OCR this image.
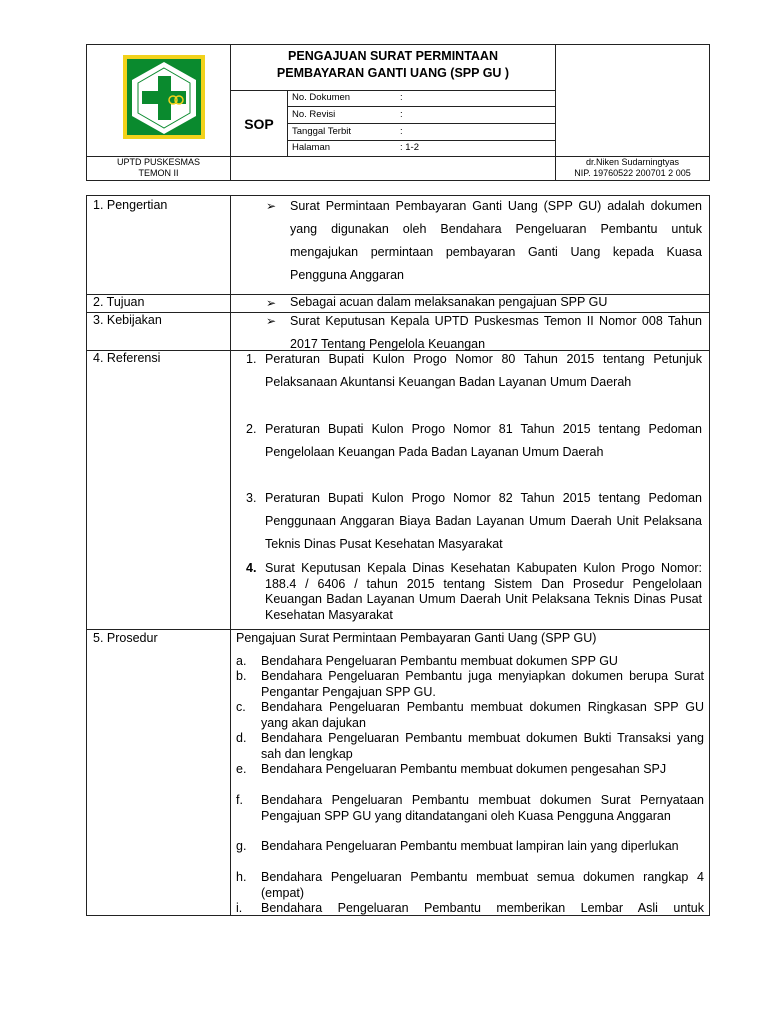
PENGAJUAN SURAT PERMINTAAN
PEMBAYARAN GANTI UANG (SPP GU )
SOP
No. Dokumen	:
No. Revisi	:
Tanggal Terbit	:
Halaman	: 1-2
UPTD PUSKESMAS
TEMON II
dr.Niken Sudarningtyas
NIP. 19760522 200701 2 005
1. Pengertian	➢ Surat Permintaan Pembayaran Ganti Uang (SPP GU) adalah dokumen yang digunakan oleh Bendahara Pengeluaran Pembantu untuk mengajukan permintaan pembayaran Ganti Uang kepada Kuasa Pengguna Anggaran
2. Tujuan	➢ Sebagai acuan dalam melaksanakan pengajuan SPP GU
3. Kebijakan	➢ Surat Keputusan Kepala UPTD Puskesmas Temon II Nomor 008 Tahun 2017 Tentang Pengelola Keuangan
4. Referensi	1. Peraturan Bupati Kulon Progo Nomor 80 Tahun 2015 tentang Petunjuk Pelaksanaan Akuntansi Keuangan Badan Layanan Umum Daerah
2. Peraturan Bupati Kulon Progo Nomor 81 Tahun 2015 tentang Pedoman Pengelolaan Keuangan Pada Badan Layanan Umum Daerah
3. Peraturan Bupati Kulon Progo Nomor 82 Tahun 2015 tentang Pedoman Penggunaan Anggaran Biaya Badan Layanan Umum Daerah Unit Pelaksana Teknis Dinas Pusat Kesehatan Masyarakat
4. Surat Keputusan Kepala Dinas Kesehatan Kabupaten Kulon Progo Nomor: 188.4 / 6406 / tahun 2015 tentang Sistem Dan Prosedur Pengelolaan Keuangan Badan Layanan Umum Daerah Unit Pelaksana Teknis Dinas Pusat Kesehatan Masyarakat
5. Prosedur	Pengajuan Surat Permintaan Pembayaran Ganti Uang (SPP GU)
a.	Bendahara Pengeluaran Pembantu membuat dokumen SPP GU
b.	Bendahara Pengeluaran Pembantu juga menyiapkan dokumen berupa Surat Pengantar Pengajuan SPP GU.
c.	Bendahara Pengeluaran Pembantu membuat dokumen Ringkasan SPP GU yang akan dajukan
d.	Bendahara Pengeluaran Pembantu membuat dokumen Bukti Transaksi yang sah dan lengkap
e.	Bendahara Pengeluaran Pembantu membuat dokumen pengesahan SPJ
f.	Bendahara Pengeluaran Pembantu membuat dokumen Surat Pernyataan Pengajuan SPP GU yang ditandatangani oleh Kuasa Pengguna Anggaran
g.	Bendahara Pengeluaran Pembantu membuat lampiran lain yang diperlukan
h.	Bendahara Pengeluaran Pembantu membuat semua dokumen rangkap 4 (empat)
i.	Bendahara Pengeluaran Pembantu memberikan Lembar Asli untuk
